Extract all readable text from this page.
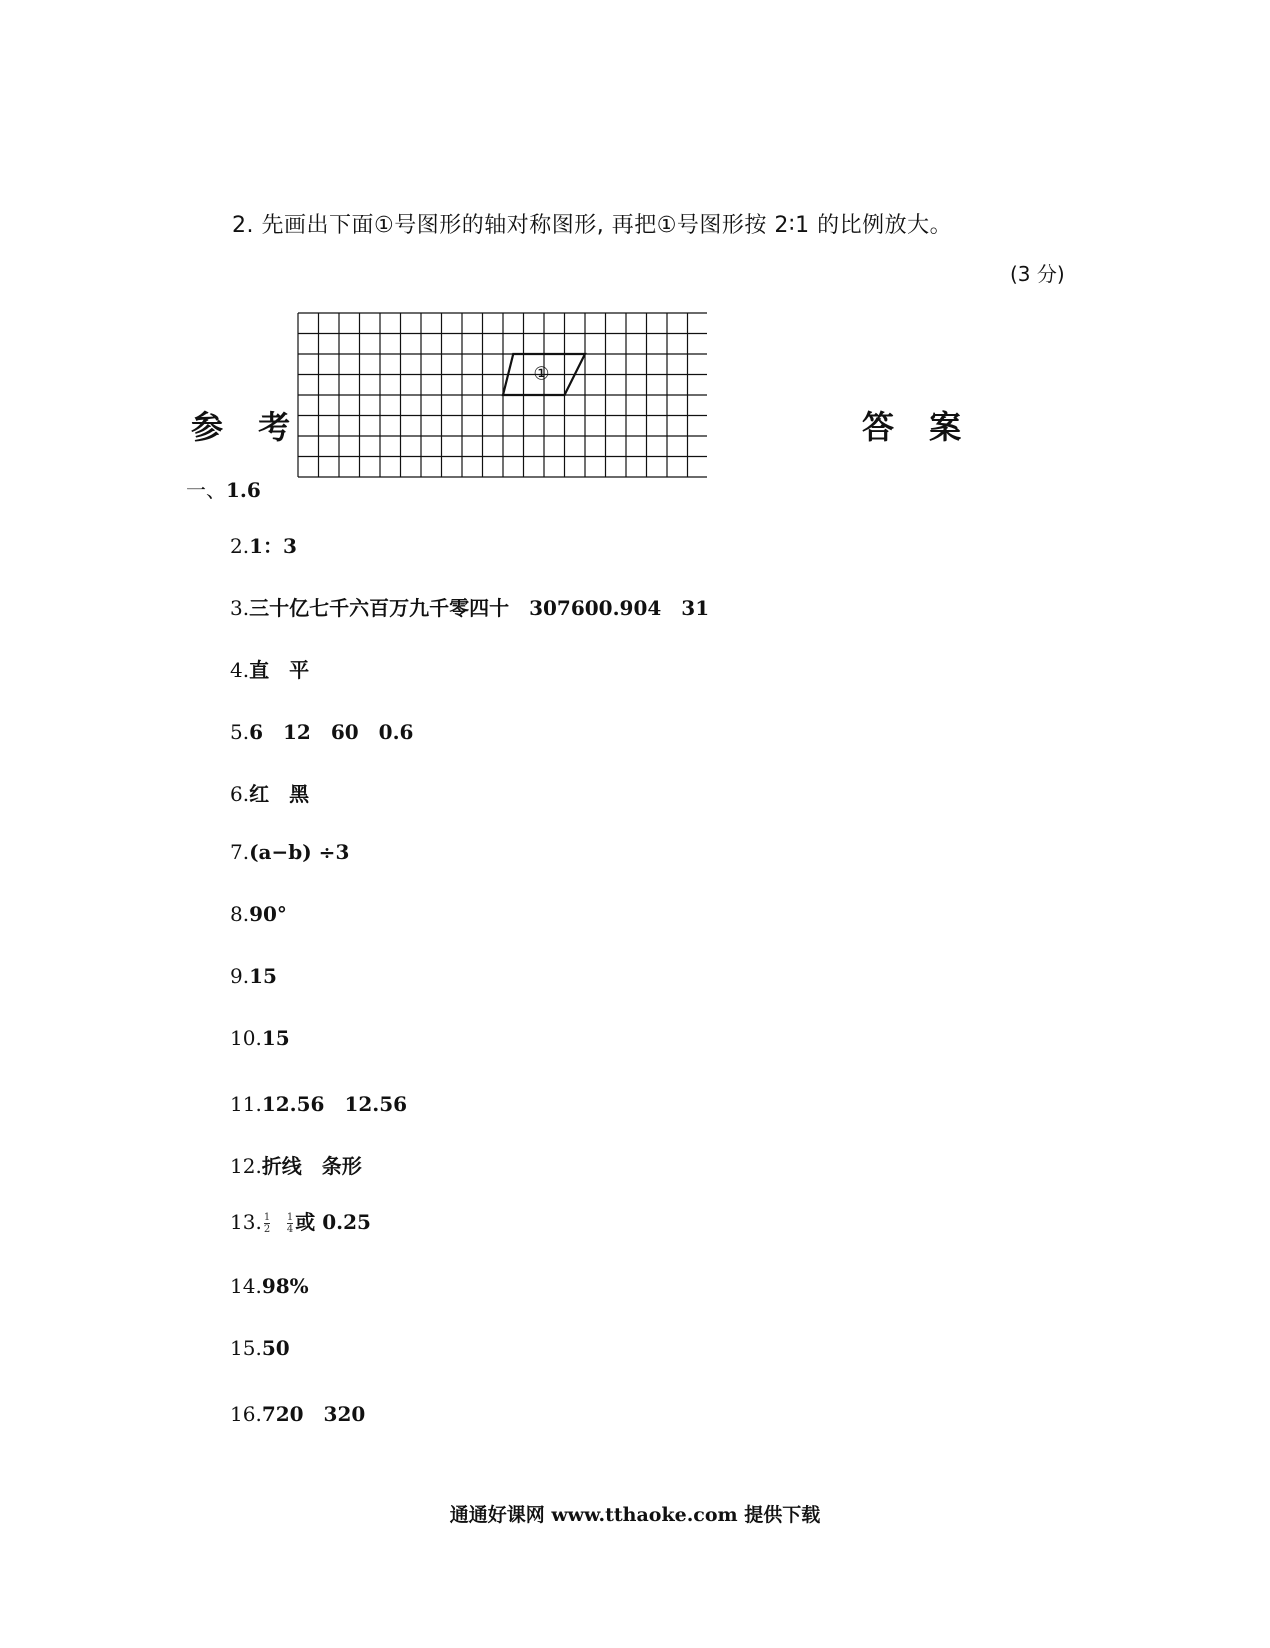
2. 先画出下面①号图形的轴对称图形, 再把①号图形按 2∶1 的比例放大。
(3 分)
①
参 考	答 案
一、1.6
2.1：3
3.三十亿七千六百万九千零四十　307600.904　31
4.直　平
5.6　12　60　0.6
6.红　黑
7.(a−b) ÷3
8.90°
9.15
10.15
11.12.56　12.56
12.折线　条形
13. $\frac{1}{2}$
$\frac{1}{4}$ 或 0.25
14.98%
15.50
16.720　320
通通好课网 www.tthaoke.com 提供下载
